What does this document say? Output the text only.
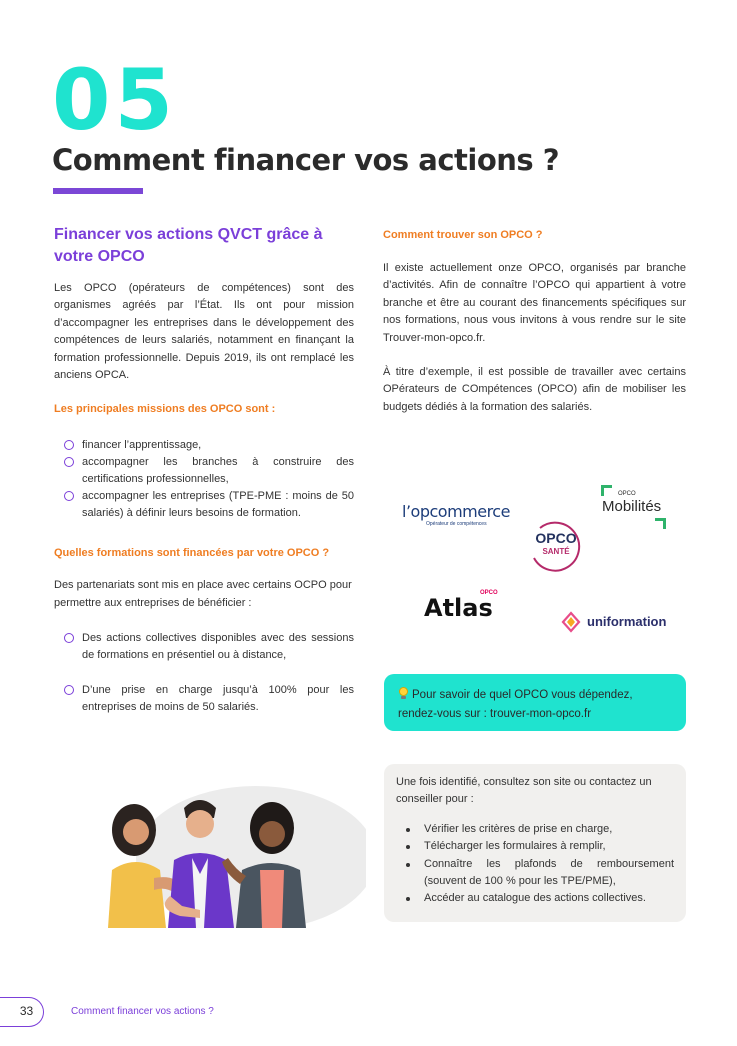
05
Comment financer vos actions ?
Financer vos actions QVCT grâce à votre OPCO
Les OPCO (opérateurs de compétences) sont des organismes agréés par l’État. Ils ont pour mission d’accompagner les entreprises dans le développement des compétences de leurs salariés, notamment en finançant la formation professionnelle. Depuis 2019, ils ont remplacé les anciens OPCA.
Les principales missions des OPCO sont :
financer l’apprentissage,
accompagner les branches à construire des certifications professionnelles,
accompagner les entreprises (TPE-PME : moins de 50 salariés) à définir leurs besoins de formation.
Quelles formations sont financées par votre OPCO ?
Des partenariats sont mis en place avec certains OCPO pour permettre aux entreprises de bénéficier :
Des actions collectives disponibles avec des sessions de formations en présentiel ou à distance,
D’une prise en charge jusqu’à 100% pour les entreprises de moins de 50 salariés.
Comment trouver son OPCO ?
Il existe actuellement onze OPCO, organisés par branche d’activités. Afin de connaître l’OPCO qui appartient à votre branche et être au courant des financements spécifiques sur nos formations, nous vous invitons à vous rendre sur le site Trouver-mon-opco.fr.
À titre d’exemple, il est possible de travailler avec certains OPérateurs de COmpétences (OPCO) afin de mobiliser les budgets dédiés à la formation des salariés.
l’opcommerce
Opérateur de compétences
OPCO
Mobilités
OPCO
SANTÉ
Atlas
OPCO
uniformation
Pour savoir de quel OPCO vous dépendez,
rendez-vous sur : trouver-mon-opco.fr
Une fois identifié, consultez son site ou contactez un conseiller pour :
Vérifier les critères de prise en charge,
Télécharger les formulaires à remplir,
Connaître les plafonds de remboursement (souvent de 100 % pour les TPE/PME),
Accéder au catalogue des actions collectives.
33	Comment financer vos actions ?
